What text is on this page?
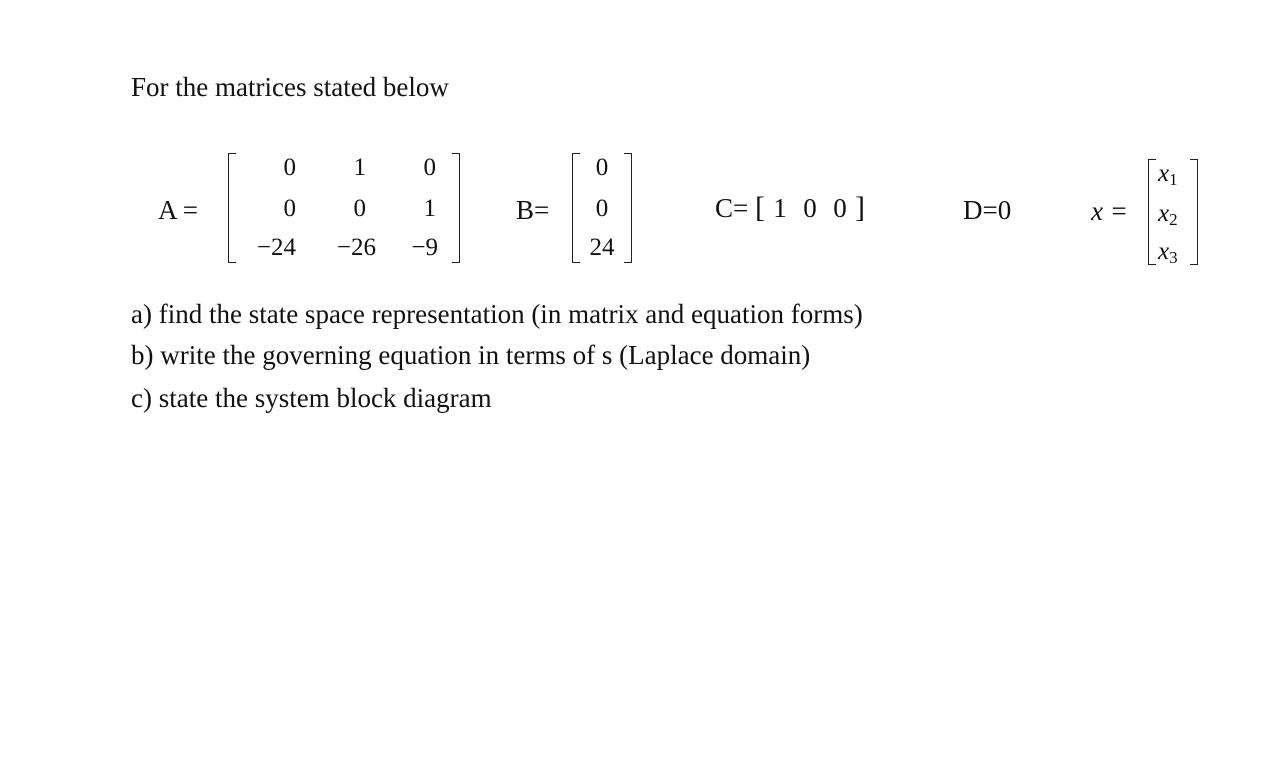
For the matrices stated below
A =
0	1	0
0	0	1
−24	−26	−9
B=
0
0
24
C= [ 1 0 0 ]	D=0	x =
$x_1$
$x_2$
$x_3$
a) find the state space representation (in matrix and equation forms)
b) write the governing equation in terms of s (Laplace domain)
c) state the system block diagram
